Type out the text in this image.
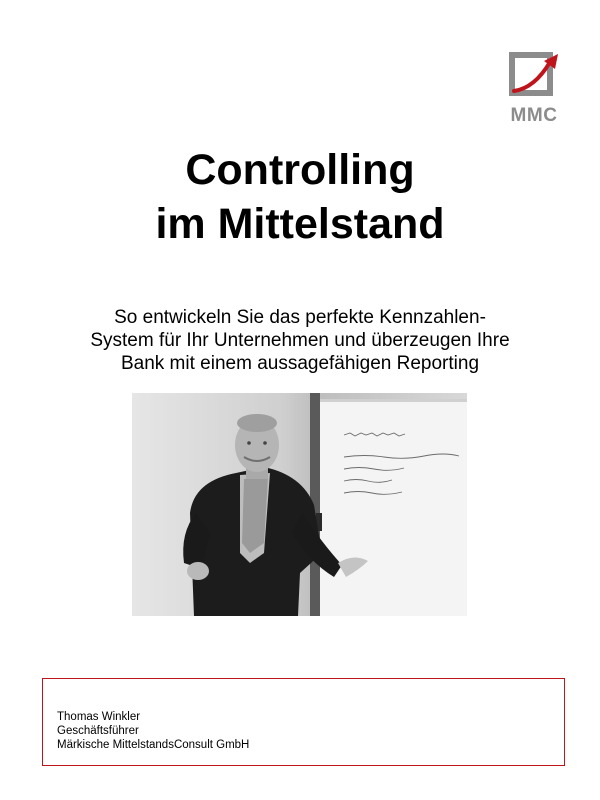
MMC
Controlling
im Mittelstand
So entwickeln Sie das perfekte Kennzahlen-
System für Ihr Unternehmen und überzeugen Ihre
Bank mit einem aussagefähigen Reporting
Thomas Winkler
Geschäftsführer
Märkische MittelstandsConsult GmbH
